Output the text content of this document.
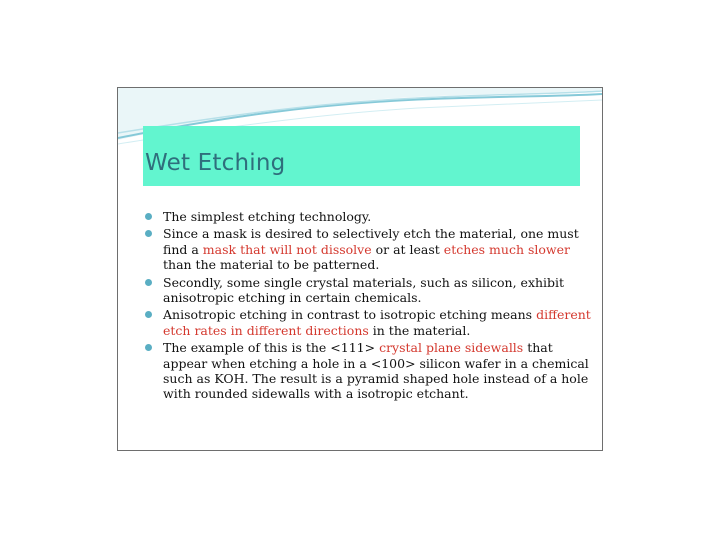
Wet Etching
The simplest etching technology.
Since a mask is desired to selectively etch the material, one must find a mask that will not dissolve or at least etches much slower than the material to be patterned.
Secondly, some single crystal materials, such as silicon, exhibit anisotropic etching in certain chemicals.
Anisotropic etching in contrast to isotropic etching means different etch rates in different directions in the material.
The example of this is the <111> crystal plane sidewalls that appear when etching a hole in a <100> silicon wafer in a chemical such as KOH. The result is a pyramid shaped hole instead of a hole with rounded sidewalls with a isotropic etchant.
